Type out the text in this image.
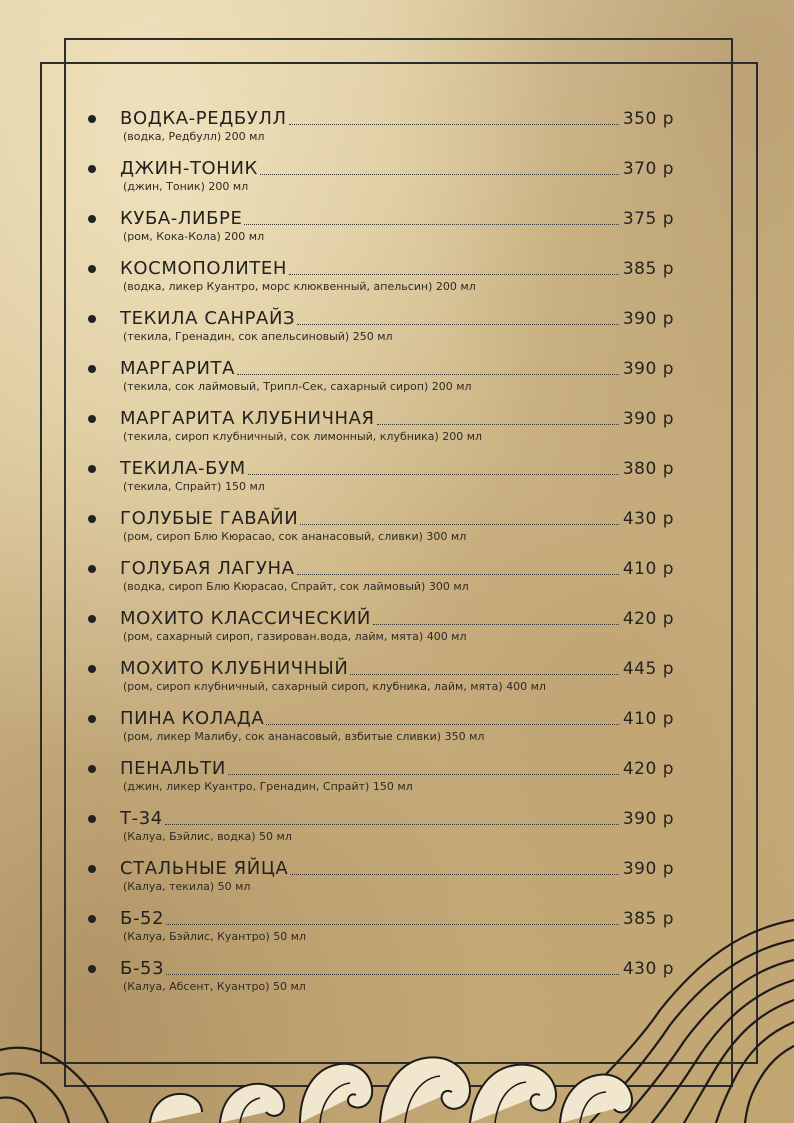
ВОДКА-РЕДБУЛЛ	350 р
(водка, Редбулл) 200 мл
ДЖИН-ТОНИК	370 р
(джин, Тоник) 200 мл
КУБА-ЛИБРЕ	375 р
(ром, Кока-Кола) 200 мл
КОСМОПОЛИТЕН	385 р
(водка, ликер Куантро, морс клюквенный, апельсин) 200 мл
ТЕКИЛА САНРАЙЗ	390 р
(текила, Гренадин, сок апельсиновый) 250 мл
МАРГАРИТА	390 р
(текила, сок лаймовый, Трипл-Сек, сахарный сироп) 200 мл
МАРГАРИТА КЛУБНИЧНАЯ	390 р
(текила, сироп клубничный, сок лимонный, клубника) 200 мл
ТЕКИЛА-БУМ	380 р
(текила, Спрайт) 150 мл
ГОЛУБЫЕ ГАВАЙИ	430 р
(ром, сироп Блю Кюрасао, сок ананасовый, сливки) 300 мл
ГОЛУБАЯ ЛАГУНА	410 р
(водка, сироп Блю Кюрасао, Спрайт, сок лаймовый) 300 мл
МОХИТО КЛАССИЧЕСКИЙ	420 р
(ром, сахарный сироп, газирован.вода, лайм, мята) 400 мл
МОХИТО КЛУБНИЧНЫЙ	445 р
(ром, сироп клубничный, сахарный сироп, клубника, лайм, мята) 400 мл
ПИНА КОЛАДА	410 р
(ром, ликер Малибу, сок ананасовый, взбитые сливки) 350 мл
ПЕНАЛЬТИ	420 р
(джин, ликер Куантро, Гренадин, Спрайт) 150 мл
Т-34	390 р
(Калуа, Бэйлис, водка) 50 мл
СТАЛЬНЫЕ ЯЙЦА	390 р
(Калуа, текила) 50 мл
Б-52	385 р
(Калуа, Бэйлис, Куантро) 50 мл
Б-53	430 р
(Калуа, Абсент, Куантро) 50 мл
